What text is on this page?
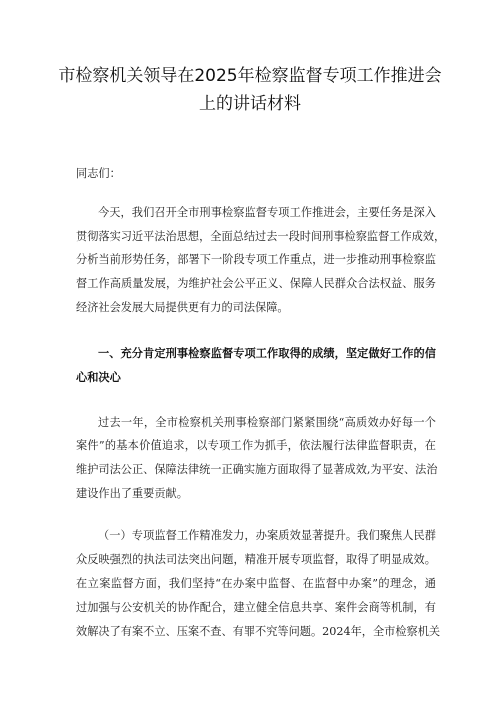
市检察机关领导在2025年检察监督专项工作推进会
上的讲话材料
同志们：
今天，我们召开全市刑事检察监督专项工作推进会，主要任务是深入
贯彻落实习近平法治思想，全面总结过去一段时间刑事检察监督工作成效，
分析当前形势任务，部署下一阶段专项工作重点，进一步推动刑事检察监
督工作高质量发展，为维护社会公平正义、保障人民群众合法权益、服务
经济社会发展大局提供更有力的司法保障。
一、充分肯定刑事检察监督专项工作取得的成绩，坚定做好工作的信
心和决心
过去一年，全市检察机关刑事检察部门紧紧围绕“高质效办好每一个
案件”的基本价值追求，以专项工作为抓手，依法履行法律监督职责，在
维护司法公正、保障法律统一正确实施方面取得了显著成效,为平安、法治
建设作出了重要贡献。
（一）专项监督工作精准发力，办案质效显著提升。我们聚焦人民群
众反映强烈的执法司法突出问题，精准开展专项监督，取得了明显成效。
在立案监督方面，我们坚持“在办案中监督、在监督中办案”的理念，通
过加强与公安机关的协作配合，建立健全信息共享、案件会商等机制，有
效解决了有案不立、压案不查、有罪不究等问题。2024年，全市检察机关
